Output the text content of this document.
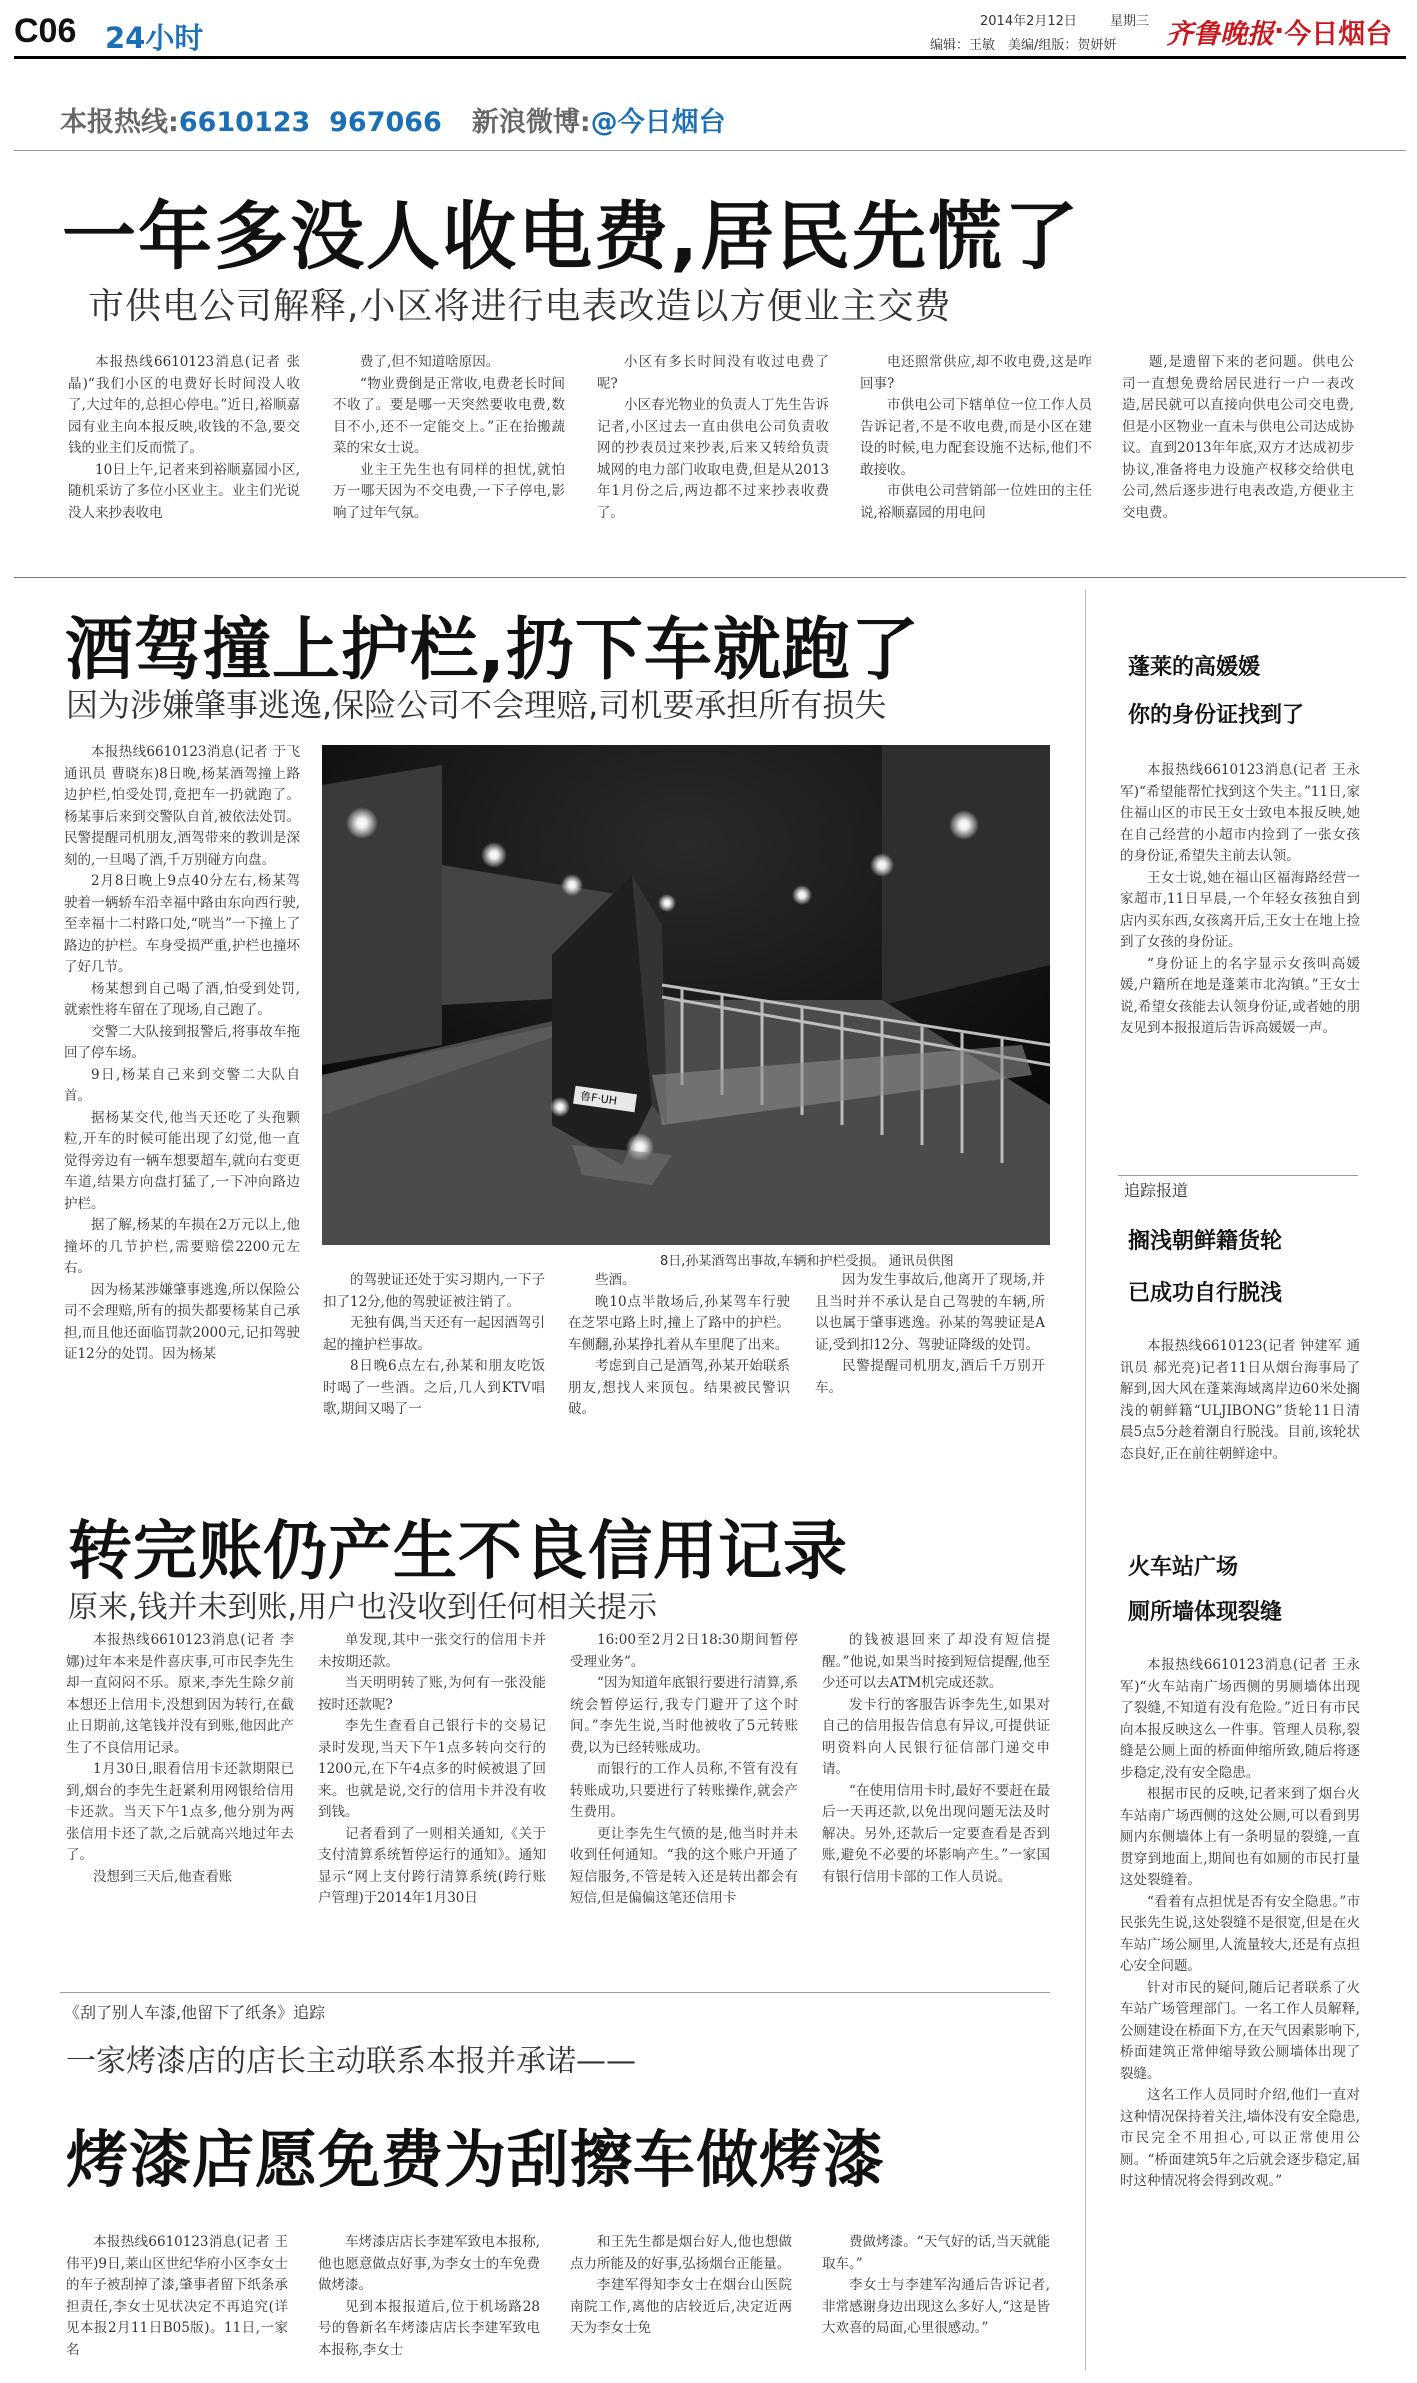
C06 24小时	2014年2月12日	星期三
编辑：王敏　美编/组版：贺妍妍 齐鲁晚报 · 今日烟台
本报热线: 6610123  967066 新浪微博: @今日烟台
一年多没人收电费,居民先慌了
市供电公司解释,小区将进行电表改造以方便业主交费

本报热线6610123消息(记者 张晶)“我们小区的电费好长时间没人收了,大过年的,总担心停电。”近日,裕顺嘉园有业主向本报反映,收钱的不急,要交钱的业主们反而慌了。

10日上午,记者来到裕顺嘉园小区,随机采访了多位小区业主。业主们光说没人来抄表收电

费了,但不知道啥原因。

“物业费倒是正常收,电费老长时间不收了。要是哪一天突然要收电费,数目不小,还不一定能交上。”正在抬搬蔬菜的宋女士说。

业主王先生也有同样的担忧,就怕万一哪天因为不交电费,一下子停电,影响了过年气氛。

小区有多长时间没有收过电费了呢?

小区春光物业的负责人丁先生告诉记者,小区过去一直由供电公司负责收网的抄表员过来抄表,后来又转给负责城网的电力部门收取电费,但是从2013年1月份之后,两边都不过来抄表收费了。

电还照常供应,却不收电费,这是咋回事?

市供电公司下辖单位一位工作人员告诉记者,不是不收电费,而是小区在建设的时候,电力配套设施不达标,他们不敢接收。

市供电公司营销部一位姓田的主任说,裕顺嘉园的用电问

题,是遗留下来的老问题。供电公司一直想免费给居民进行一户一表改造,居民就可以直接向供电公司交电费,但是小区物业一直未与供电公司达成协议。直到2013年年底,双方才达成初步协议,准备将电力设施产权移交给供电公司,然后逐步进行电表改造,方便业主交电费。

酒驾撞上护栏,扔下车就跑了
因为涉嫌肇事逃逸,保险公司不会理赔,司机要承担所有损失

本报热线6610123消息(记者 于飞 通讯员 曹晓东)8日晚,杨某酒驾撞上路边护栏,怕受处罚,竟把车一扔就跑了。杨某事后来到交警队自首,被依法处罚。民警提醒司机朋友,酒驾带来的教训是深刻的,一旦喝了酒,千万别碰方向盘。

2月8日晚上9点40分左右,杨某驾驶着一辆轿车沿幸福中路由东向西行驶,至幸福十二村路口处,“咣当”一下撞上了路边的护栏。车身受损严重,护栏也撞坏了好几节。

杨某想到自己喝了酒,怕受到处罚,就索性将车留在了现场,自己跑了。

交警二大队接到报警后,将事故车拖回了停车场。

9日,杨某自己来到交警二大队自首。

据杨某交代,他当天还吃了头孢颗粒,开车的时候可能出现了幻觉,他一直觉得旁边有一辆车想要超车,就向右变更车道,结果方向盘打猛了,一下冲向路边护栏。

据了解,杨某的车损在2万元以上,他撞坏的几节护栏,需要赔偿2200元左右。

因为杨某涉嫌肇事逃逸,所以保险公司不会理赔,所有的损失都要杨某自己承担,而且他还面临罚款2000元,记扣驾驶证12分的处罚。因为杨某

鲁F·UH
8日,孙某酒驾出事故,车辆和护栏受损。 通讯员供图

的驾驶证还处于实习期内,一下子扣了12分,他的驾驶证被注销了。

无独有偶,当天还有一起因酒驾引起的撞护栏事故。

8日晚6点左右,孙某和朋友吃饭时喝了一些酒。之后,几人到KTV唱歌,期间又喝了一

些酒。

晚10点半散场后,孙某驾车行驶在芝罘屯路上时,撞上了路中的护栏。车侧翻,孙某挣扎着从车里爬了出来。

考虑到自己是酒驾,孙某开始联系朋友,想找人来顶包。结果被民警识破。

因为发生事故后,他离开了现场,并且当时并不承认是自己驾驶的车辆,所以也属于肇事逃逸。孙某的驾驶证是A证,受到扣12分、驾驶证降级的处罚。

民警提醒司机朋友,酒后千万别开车。

转完账仍产生不良信用记录
原来,钱并未到账,用户也没收到任何相关提示

本报热线6610123消息(记者 李娜)过年本来是件喜庆事,可市民李先生却一直闷闷不乐。原来,李先生除夕前本想还上信用卡,没想到因为转行,在截止日期前,这笔钱并没有到账,他因此产生了不良信用记录。

1月30日,眼看信用卡还款期限已到,烟台的李先生赶紧利用网银给信用卡还款。当天下午1点多,他分别为两张信用卡还了款,之后就高兴地过年去了。

没想到三天后,他查看账

单发现,其中一张交行的信用卡并未按期还款。

当天明明转了账,为何有一张没能按时还款呢?

李先生查看自己银行卡的交易记录时发现,当天下午1点多转向交行的1200元,在下午4点多的时候被退了回来。也就是说,交行的信用卡并没有收到钱。

记者看到了一则相关通知,《关于支付清算系统暂停运行的通知》。通知显示“网上支付跨行清算系统(跨行账户管理)于2014年1月30日

16:00至2月2日18:30期间暂停受理业务”。

“因为知道年底银行要进行清算,系统会暂停运行,我专门避开了这个时间。”李先生说,当时他被收了5元转账费,以为已经转账成功。

而银行的工作人员称,不管有没有转账成功,只要进行了转账操作,就会产生费用。

更让李先生气愤的是,他当时并未收到任何通知。“我的这个账户开通了短信服务,不管是转入还是转出都会有短信,但是偏偏这笔还信用卡

的钱被退回来了却没有短信提醒。”他说,如果当时接到短信提醒,他至少还可以去ATM机完成还款。

发卡行的客服告诉李先生,如果对自己的信用报告信息有异议,可提供证明资料向人民银行征信部门递交申请。

“在使用信用卡时,最好不要赶在最后一天再还款,以免出现问题无法及时解决。另外,还款后一定要查看是否到账,避免不必要的坏影响产生。”一家国有银行信用卡部的工作人员说。

《刮了别人车漆,他留下了纸条》追踪
一家烤漆店的店长主动联系本报并承诺——
烤漆店愿免费为刮擦车做烤漆

本报热线6610123消息(记者 王伟平)9日,莱山区世纪华府小区李女士的车子被刮掉了漆,肇事者留下纸条承担责任,李女士见状决定不再追究(详见本报2月11日B05版)。11日,一家名

车烤漆店店长李建军致电本报称,他也愿意做点好事,为李女士的车免费做烤漆。

见到本报报道后,位于机场路28号的鲁新名车烤漆店店长李建军致电本报称,李女士

和王先生都是烟台好人,他也想做点力所能及的好事,弘扬烟台正能量。

李建军得知李女士在烟台山医院南院工作,离他的店较近后,决定近两天为李女士免

费做烤漆。“天气好的话,当天就能取车。”

李女士与李建军沟通后告诉记者,非常感谢身边出现这么多好人,“这是皆大欢喜的局面,心里很感动。”

蓬莱的高媛媛
你的身份证找到了

本报热线6610123消息(记者 王永军)“希望能帮忙找到这个失主。”11日,家住福山区的市民王女士致电本报反映,她在自己经营的小超市内捡到了一张女孩的身份证,希望失主前去认领。

王女士说,她在福山区福海路经营一家超市,11日早晨,一个年轻女孩独自到店内买东西,女孩离开后,王女士在地上捡到了女孩的身份证。

“身份证上的名字显示女孩叫高媛媛,户籍所在地是蓬莱市北沟镇。”王女士说,希望女孩能去认领身份证,或者她的朋友见到本报报道后告诉高媛媛一声。

追踪报道
搁浅朝鲜籍货轮
已成功自行脱浅

本报热线6610123(记者 钟建军 通讯员 郝光亮)记者11日从烟台海事局了解到,因大风在蓬莱海域离岸边60米处搁浅的朝鲜籍“ULJIBONG”货轮11日清晨5点5分趁着潮自行脱浅。目前,该轮状态良好,正在前往朝鲜途中。

火车站广场
厕所墙体现裂缝

本报热线6610123消息(记者 王永军)“火车站南广场西侧的男厕墙体出现了裂缝,不知道有没有危险。”近日有市民向本报反映这么一件事。管理人员称,裂缝是公厕上面的桥面伸缩所致,随后将逐步稳定,没有安全隐患。

根据市民的反映,记者来到了烟台火车站南广场西侧的这处公厕,可以看到男厕内东侧墙体上有一条明显的裂缝,一直贯穿到地面上,期间也有如厕的市民打量这处裂缝着。

“看着有点担忧是否有安全隐患。”市民张先生说,这处裂缝不是很宽,但是在火车站广场公厕里,人流量较大,还是有点担心安全问题。

针对市民的疑问,随后记者联系了火车站广场管理部门。一名工作人员解释,公厕建设在桥面下方,在天气因素影响下,桥面建筑正常伸缩导致公厕墙体出现了裂缝。

这名工作人员同时介绍,他们一直对这种情况保持着关注,墙体没有安全隐患,市民完全不用担心,可以正常使用公厕。“桥面建筑5年之后就会逐步稳定,届时这种情况将会得到改观。”
